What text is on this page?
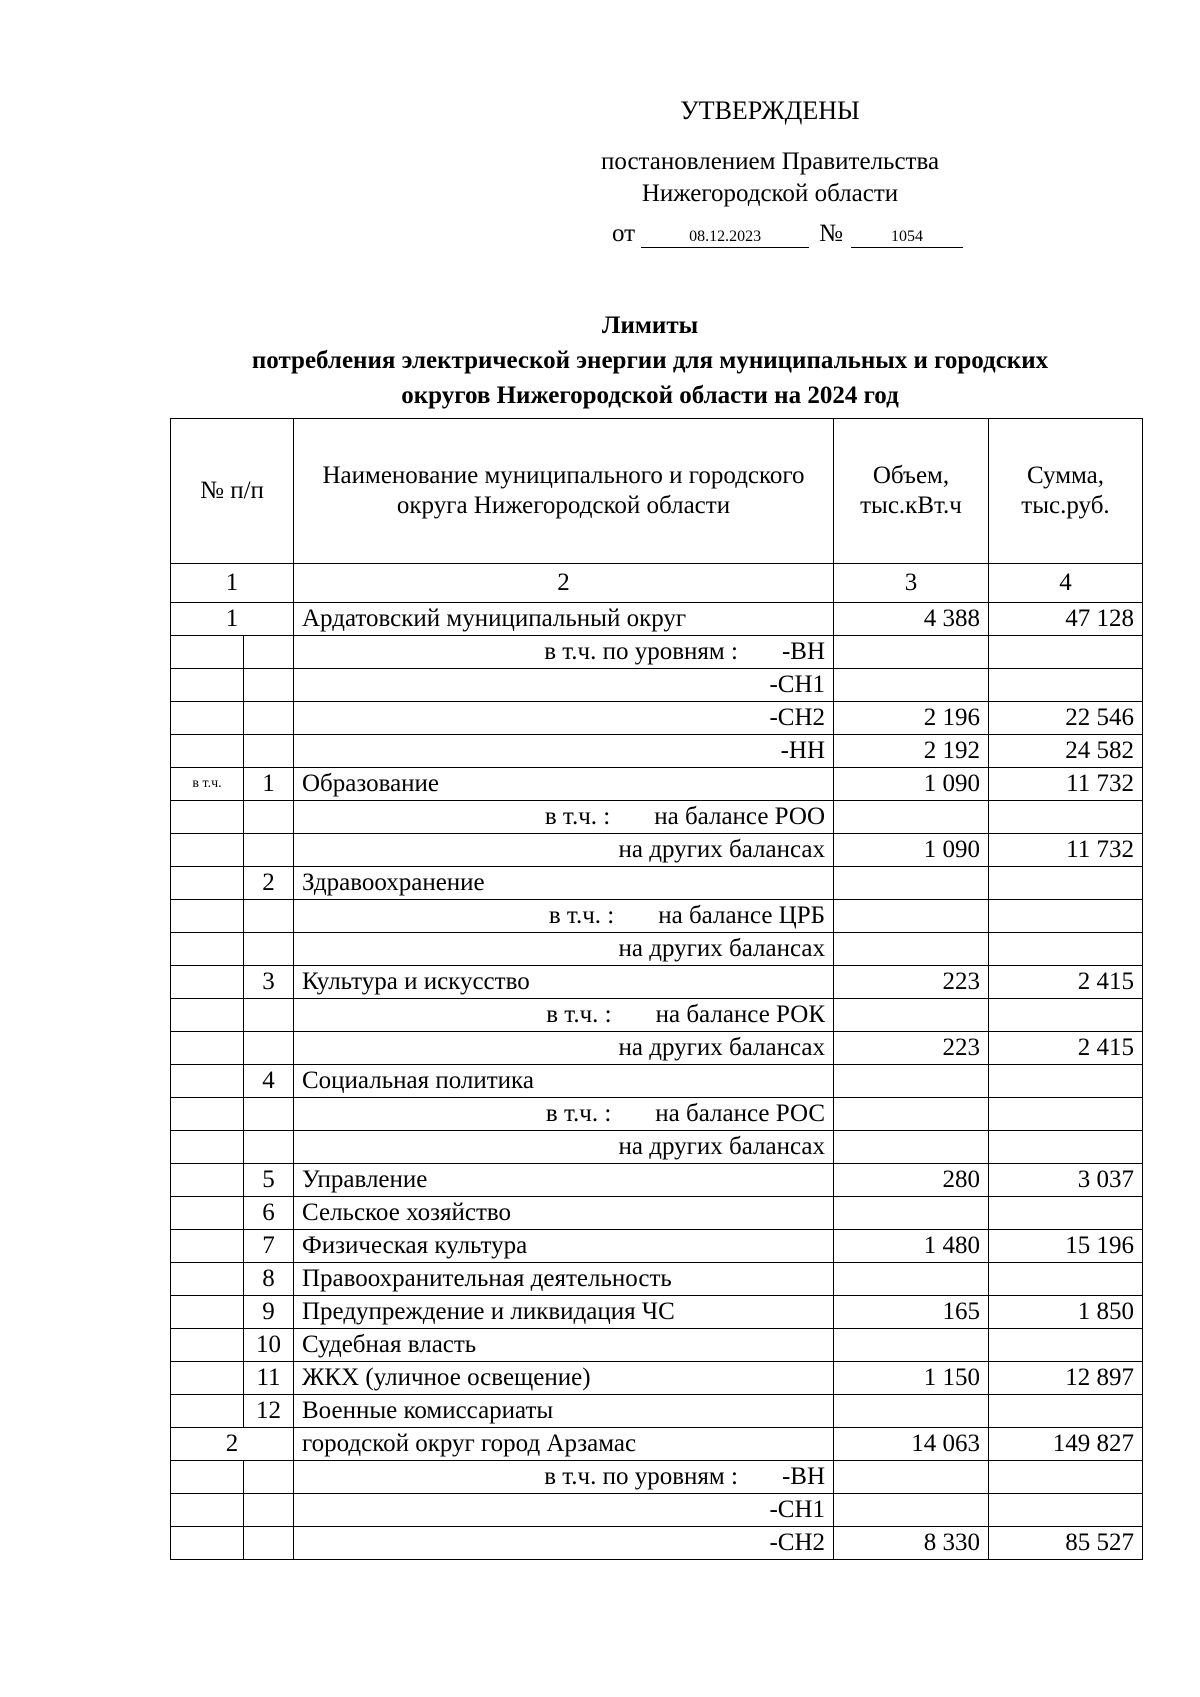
УТВЕРЖДЕНЫ
постановлением Правительства
Нижегородской области
от	08.12.2023 №	1054
Лимиты
потребления электрической энергии для муниципальных и городских
округов Нижегородской области на 2024 год
№ п/п		Наименование муниципального и городского округа Нижегородской области	Объем, тыс.кВт.ч	Сумма, тыс.руб.
1		2	3	4
1		Ардатовский муниципальный округ	4 388	47 128
		в т.ч. по уровням : -ВН		
		-СН1		
		-СН2	2 196	22 546
		-НН	2 192	24 582
в т.ч.	1	Образование	1 090	11 732
		в т.ч. : на балансе РОО		
		на других балансах	1 090	11 732
	2	Здравоохранение		
		в т.ч. : на балансе ЦРБ		
		на других балансах		
	3	Культура и искусство	223	2 415
		в т.ч. : на балансе РОК		
		на других балансах	223	2 415
	4	Социальная политика		
		в т.ч. : на балансе РОС		
		на других балансах		
	5	Управление	280	3 037
	6	Сельское хозяйство		
	7	Физическая культура	1 480	15 196
	8	Правоохранительная деятельность		
	9	Предупреждение и ликвидация ЧС	165	1 850
	10	Судебная власть		
	11	ЖКХ (уличное освещение)	1 150	12 897
	12	Военные комиссариаты		
2		городской округ город Арзамас	14 063	149 827
		в т.ч. по уровням : -ВН		
		-СН1		
		-СН2	8 330	85 527
